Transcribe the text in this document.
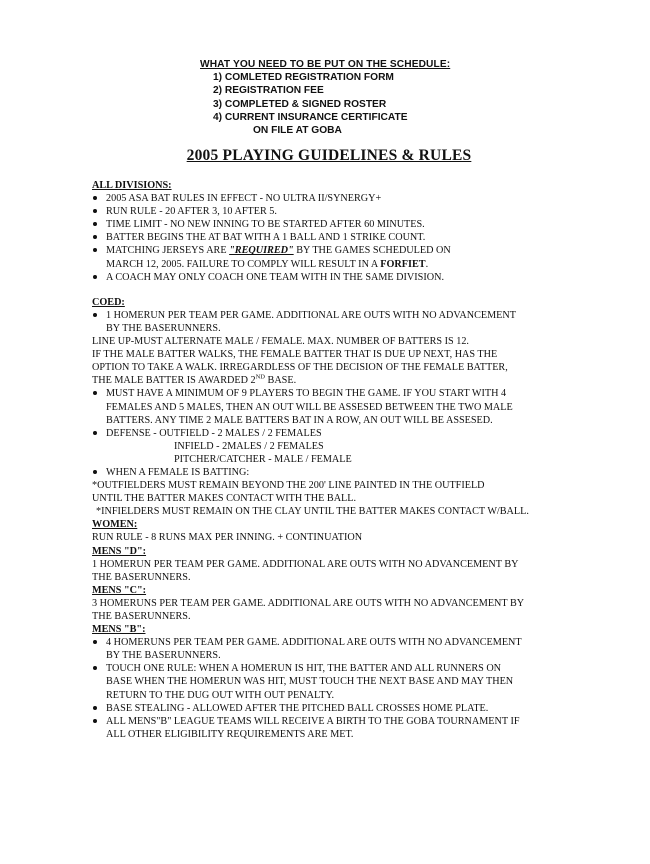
WHAT YOU NEED TO BE PUT ON THE SCHEDULE:
1) COMLETED REGISTRATION FORM
2) REGISTRATION FEE
3) COMPLETED & SIGNED ROSTER
4) CURRENT INSURANCE CERTIFICATE
ON FILE AT GOBA
2005 PLAYING GUIDELINES & RULES
ALL DIVISIONS:
2005 ASA BAT RULES IN EFFECT - NO ULTRA II/SYNERGY+
RUN RULE - 20 AFTER 3, 10 AFTER 5.
TIME LIMIT - NO NEW INNING TO BE STARTED AFTER 60 MINUTES.
BATTER BEGINS THE AT BAT WITH A 1 BALL AND 1 STRIKE COUNT.
MATCHING JERSEYS ARE "REQUIRED" BY THE GAMES SCHEDULED ON
MARCH 12, 2005. FAILURE TO COMPLY WILL RESULT IN A FORFIET.
A COACH MAY ONLY COACH ONE TEAM WITH IN THE SAME DIVISION.
COED:
1 HOMERUN PER TEAM PER GAME. ADDITIONAL ARE OUTS WITH NO ADVANCEMENT
BY THE BASERUNNERS.
LINE UP-MUST ALTERNATE MALE / FEMALE. MAX. NUMBER OF BATTERS IS 12.
IF THE MALE BATTER WALKS, THE FEMALE BATTER THAT IS DUE UP NEXT, HAS THE
OPTION TO TAKE A WALK. IRREGARDLESS OF THE DECISION OF THE FEMALE BATTER,
THE MALE BATTER IS AWARDED 2ND BASE.
MUST HAVE A MINIMUM OF 9 PLAYERS TO BEGIN THE GAME. IF YOU START WITH 4
FEMALES AND 5 MALES, THEN AN OUT WILL BE ASSESED BETWEEN THE TWO MALE
BATTERS. ANY TIME 2 MALE BATTERS BAT IN A ROW, AN OUT WILL BE ASSESED.
DEFENSE - OUTFIELD - 2 MALES / 2 FEMALES
INFIELD - 2MALES / 2 FEMALES
PITCHER/CATCHER - MALE / FEMALE
WHEN A FEMALE IS BATTING:
*OUTFIELDERS MUST REMAIN BEYOND THE 200' LINE PAINTED IN THE OUTFIELD
UNTIL THE BATTER MAKES CONTACT WITH THE BALL.
*INFIELDERS MUST REMAIN ON THE CLAY UNTIL THE BATTER MAKES CONTACT W/BALL.
WOMEN:
RUN RULE - 8 RUNS MAX PER INNING. + CONTINUATION
MENS "D":
1 HOMERUN PER TEAM PER GAME. ADDITIONAL ARE OUTS WITH NO ADVANCEMENT BY
THE BASERUNNERS.
MENS "C":
3 HOMERUNS PER TEAM PER GAME. ADDITIONAL ARE OUTS WITH NO ADVANCEMENT BY
THE BASERUNNERS.
MENS "B":
4 HOMERUNS PER TEAM PER GAME. ADDITIONAL ARE OUTS WITH NO ADVANCEMENT
BY THE BASERUNNERS.
TOUCH ONE RULE: WHEN A HOMERUN IS HIT, THE BATTER AND ALL RUNNERS ON
BASE WHEN THE HOMERUN WAS HIT, MUST TOUCH THE NEXT BASE AND MAY THEN
RETURN TO THE DUG OUT WITH OUT PENALTY.
BASE STEALING - ALLOWED AFTER THE PITCHED BALL CROSSES HOME PLATE.
ALL MENS"B" LEAGUE TEAMS WILL RECEIVE A BIRTH TO THE GOBA TOURNAMENT IF
ALL OTHER ELIGIBILITY REQUIREMENTS ARE MET.
